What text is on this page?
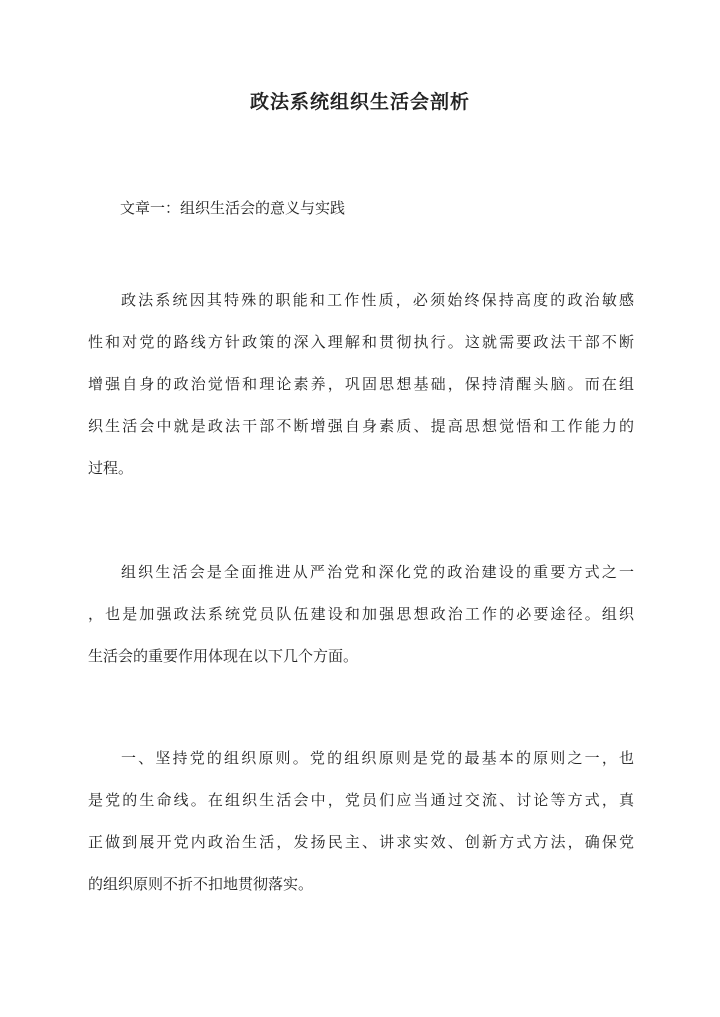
政法系统组织生活会剖析
文章一：组织生活会的意义与实践
政法系统因其特殊的职能和工作性质，必须始终保持高度的政治敏感
性和对党的路线方针政策的深入理解和贯彻执行。这就需要政法干部不断
增强自身的政治觉悟和理论素养，巩固思想基础，保持清醒头脑。而在组
织生活会中就是政法干部不断增强自身素质、提高思想觉悟和工作能力的
过程。
组织生活会是全面推进从严治党和深化党的政治建设的重要方式之一
，也是加强政法系统党员队伍建设和加强思想政治工作的必要途径。组织
生活会的重要作用体现在以下几个方面。
一、坚持党的组织原则。党的组织原则是党的最基本的原则之一，也
是党的生命线。在组织生活会中，党员们应当通过交流、讨论等方式，真
正做到展开党内政治生活，发扬民主、讲求实效、创新方式方法，确保党
的组织原则不折不扣地贯彻落实。
